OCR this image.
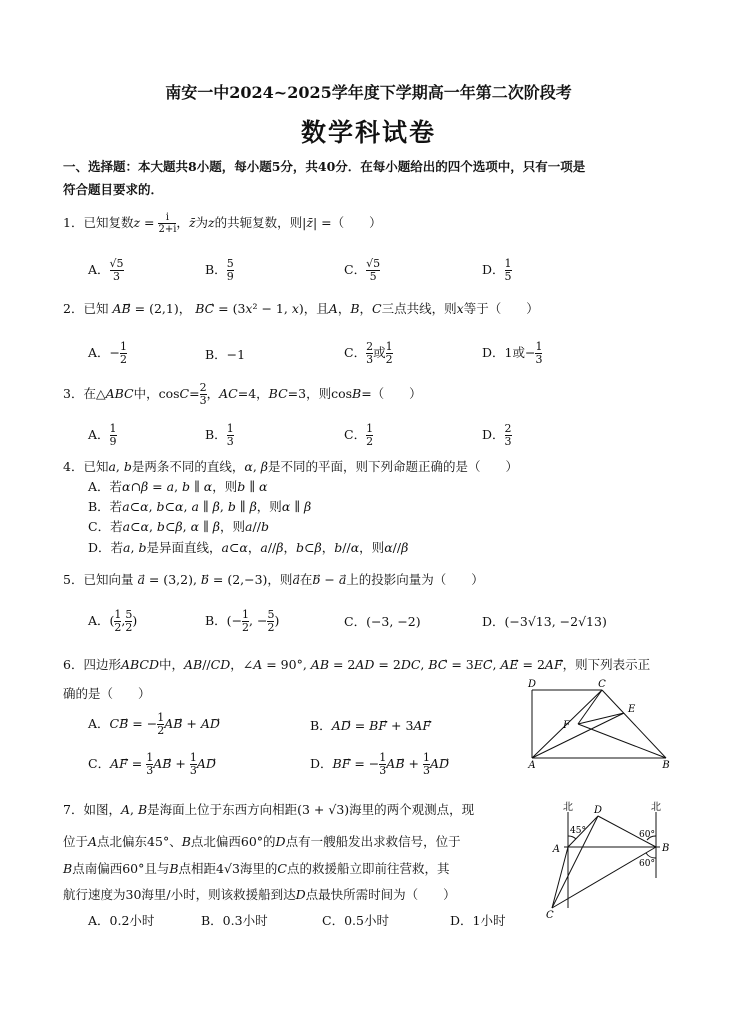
南安一中2024~2025学年度下学期高一年第二次阶段考
数学科试卷
一、选择题：本大题共8小题，每小题5分，共40分．在每小题给出的四个选项中，只有一项是
符合题目要求的．
1．已知复数$z = \frac{i}{2+i}$ ，z̄为z的共轭复数，则|z̄| =（　　）
A． $\frac{√5}{3}$	B． $\frac{5}{9}$	C． $\frac{√5}{5}$	D． $\frac{1}{5}$
2．已知 AB⃗ = (2,1)， BC⃗ = (3x² − 1, x)，且A，B，C三点共线，则x等于（　　）
A．− $\frac{1}{2}$	B．−1	C． $\frac{2}{3}$ 或 $\frac{1}{2}$	D．1或− $\frac{1}{3}$
3．在△ABC中，$\cos C= \frac{2}{3}$ ，AC=4，BC=3，则cosB=（　　）
A． $\frac{1}{9}$	B． $\frac{1}{3}$	C． $\frac{1}{2}$	D． $\frac{2}{3}$
4．已知a, b是两条不同的直线，α, β是不同的平面，则下列命题正确的是（　　）
A．若α∩β = a, b ∥ α，则b ∥ α
B．若a⊂α, b⊂α, a ∥ β, b ∥ β，则α ∥ β
C．若a⊂α, b⊂β, α ∥ β，则a//b
D．若a, b是异面直线，a⊂α，a//β，b⊂β，b//α，则α//β
5．已知向量 a⃗ = (3,2), b⃗ = (2,−3)，则a⃗在b⃗ − a⃗上的投影向量为（　　）
A．( $\frac{1}{2}$ , $\frac{5}{2}$ )	B．(− $\frac{1}{2}$ , − $\frac{5}{2}$ )	C．(−3, −2)	D．(−3√13, −2√13)
6．四边形ABCD中，AB//CD，∠A = 90°, AB = 2AD = 2DC, BC⃗ = 3EC⃗, AE⃗ = 2AF⃗，则下列表示正
确的是（　　）
A．CB⃗ = − $\frac{1}{2}$ AB⃗ + AD	B．AD⃗ = BF⃗ + 3AF
C．AF⃗ = $\frac{1}{3}$ AB⃗ + $\frac{1}{3}$ AD	D．BF⃗ = − $\frac{1}{3}$ AB⃗ + $\frac{1}{3}$ AD
D	C
E
F
A	B
7．如图，A, B是海面上位于东西方向相距(3 + √3)海里的两个观测点，现
位于A点北偏东45°、B点北偏西60°的D点有一艘船发出求救信号，位于
B点南偏西60°且与B点相距4√3海里的C点的救援船立即前往营救，其
航行速度为30海里/小时，则该救援船到达D点最快所需时间为（　　）
A．0.2小时	B．0.3小时	C．0.5小时	D．1小时
北 D	北
A	B
C
45°	60°
60°
